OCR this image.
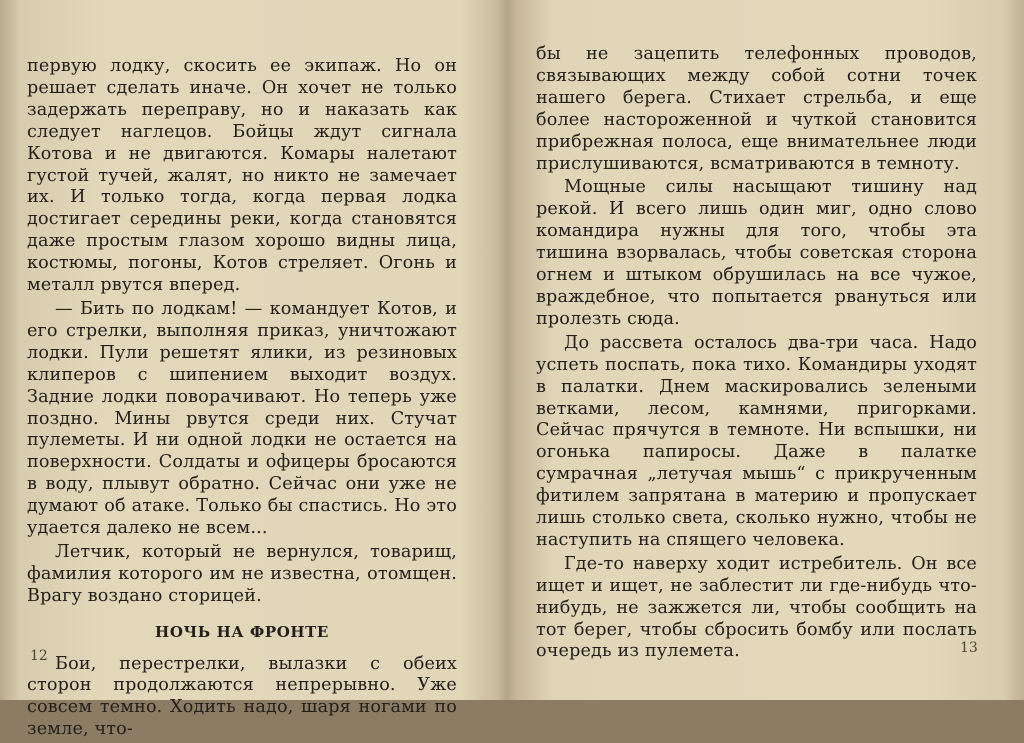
первую лодку, скосить ее экипаж. Но он решает сделать иначе. Он хочет не только задержать переправу, но и наказать как следует наглецов. Бойцы ждут сигнала Котова и не двигаются. Комары налетают густой тучей, жалят, но никто не замечает их. И только тогда, когда первая лодка достигает середины реки, когда становятся даже простым глазом хорошо видны лица, костюмы, погоны, Котов стреляет. Огонь и металл рвутся вперед.

— Бить по лодкам! — командует Котов, и его стрелки, выполняя приказ, уничтожают лодки. Пули решетят ялики, из резиновых клиперов с шипением выходит воздух. Задние лодки поворачивают. Но теперь уже поздно. Мины рвутся среди них. Стучат пулеметы. И ни одной лодки не остается на поверхности. Солдаты и офицеры бросаются в воду, плывут обратно. Сейчас они уже не думают об атаке. Только бы спастись. Но это удается далеко не всем...

Летчик, который не вернулся, товарищ, фамилия которого им не известна, отомщен. Врагу воздано сторицей.

НОЧЬ НА ФРОНТЕ

Бои, перестрелки, вылазки с обеих сторон продолжаются непрерывно. Уже совсем темно. Ходить надо, шаря ногами по земле, что-

12

бы не зацепить телефонных проводов, связывающих между собой сотни точек нашего берега. Стихает стрельба, и еще более настороженной и чуткой становится прибрежная полоса, еще внимательнее люди прислушиваются, всматриваются в темноту.

Мощные силы насыщают тишину над рекой. И всего лишь один миг, одно слово командира нужны для того, чтобы эта тишина взорвалась, чтобы советская сторона огнем и штыком обрушилась на все чужое, враждебное, что попытается рвануться или пролезть сюда.

До рассвета осталось два-три часа. Надо успеть поспать, пока тихо. Командиры уходят в палатки. Днем маскировались зелеными ветками, лесом, камнями, пригорками. Сейчас прячутся в темноте. Ни вспышки, ни огонька папиросы. Даже в палатке сумрачная „летучая мышь“ с прикрученным фитилем запрятана в материю и пропускает лишь столько света, сколько нужно, чтобы не наступить на спящего человека.

Где-то наверху ходит истребитель. Он все ищет и ищет, не заблестит ли где-нибудь что-нибудь, не зажжется ли, чтобы сообщить на тот берег, чтобы сбросить бомбу или послать очередь из пулемета.	13
